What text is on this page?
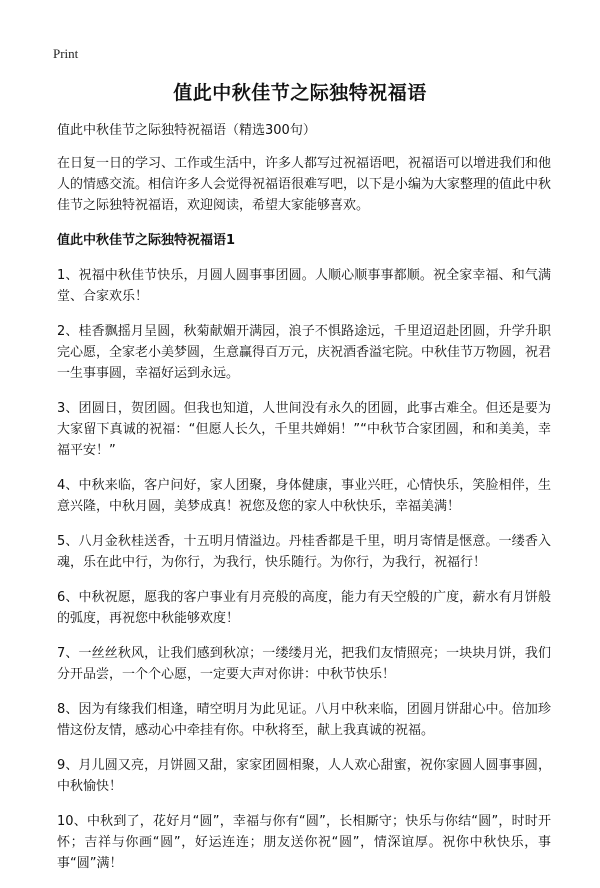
Print
值此中秋佳节之际独特祝福语

值此中秋佳节之际独特祝福语（精选300句）

在日复一日的学习、工作或生活中，许多人都写过祝福语吧，祝福语可以增进我们和他人的情感交流。相信许多人会觉得祝福语很难写吧，以下是小编为大家整理的值此中秋佳节之际独特祝福语，欢迎阅读，希望大家能够喜欢。

值此中秋佳节之际独特祝福语1

1、祝福中秋佳节快乐，月圆人圆事事团圆。人顺心顺事事都顺。祝全家幸福、和气满堂、合家欢乐！

2、桂香飘摇月呈圆，秋菊献媚开满园，浪子不惧路途远，千里迢迢赴团圆，升学升职完心愿，全家老小美梦圆，生意赢得百万元，庆祝酒香溢宅院。中秋佳节万物圆，祝君一生事事圆，幸福好运到永远。

3、团圆日，贺团圆。但我也知道，人世间没有永久的团圆，此事古难全。但还是要为大家留下真诚的祝福：“但愿人长久，千里共婵娟！”“中秋节合家团圆，和和美美，幸福平安！”

4、中秋来临，客户问好，家人团聚，身体健康，事业兴旺，心情快乐，笑脸相伴，生意兴隆，中秋月圆，美梦成真！祝您及您的家人中秋快乐，幸福美满！

5、八月金秋桂送香，十五明月情溢边。丹桂香都是千里，明月寄情是惬意。一缕香入魂，乐在此中行，为你行，为我行，快乐随行。为你行，为我行，祝福行！

6、中秋祝愿，愿我的客户事业有月亮般的高度，能力有天空般的广度，薪水有月饼般的弧度，再祝您中秋能够欢度！

7、一丝丝秋风，让我们感到秋凉；一缕缕月光，把我们友情照亮；一块块月饼，我们分开品尝，一个个心愿，一定要大声对你讲：中秋节快乐！

8、因为有缘我们相逢，晴空明月为此见证。八月中秋来临，团圆月饼甜心中。倍加珍惜这份友情，感动心中牵挂有你。中秋将至，献上我真诚的祝福。

9、月儿圆又亮，月饼圆又甜，家家团圆相聚，人人欢心甜蜜，祝你家圆人圆事事圆，中秋愉快！

10、中秋到了，花好月“圆”，幸福与你有“圆”，长相厮守；快乐与你结“圆”，时时开怀；吉祥与你画“圆”，好运连连；朋友送你祝“圆”，情深谊厚。祝你中秋快乐，事事“圆”满！
